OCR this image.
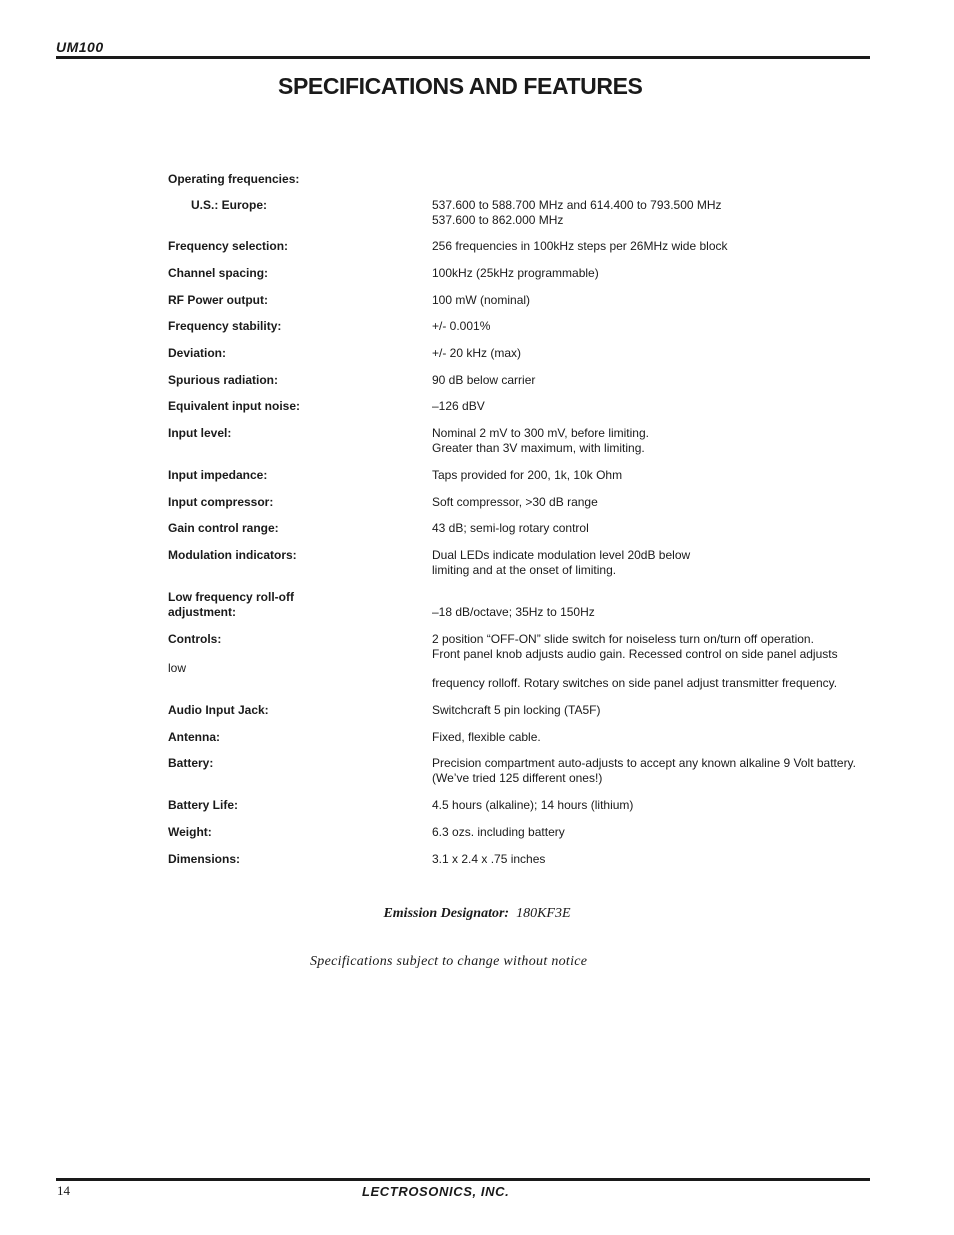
UM100
SPECIFICATIONS AND FEATURES
Operating frequencies:
U.S.: Europe:	537.600 to 588.700 MHz and 614.400 to 793.500 MHz
537.600 to 862.000 MHz
Frequency selection:	256 frequencies in 100kHz steps per 26MHz wide block
Channel spacing:	100kHz (25kHz programmable)
RF Power output:	100 mW (nominal)
Frequency stability:	+/- 0.001%
Deviation:	+/- 20 kHz (max)
Spurious radiation:	90 dB below carrier
Equivalent input noise:	–126 dBV
Input level:	Nominal 2 mV to 300 mV, before limiting.
Greater than 3V maximum, with limiting.
Input impedance:	Taps provided for 200, 1k, 10k Ohm
Input compressor:	Soft compressor, >30 dB range
Gain control range:	43 dB; semi-log rotary control
Modulation indicators:	Dual LEDs indicate modulation level 20dB below
limiting and at the onset of limiting.
Low frequency roll-off
adjustment:	
–18 dB/octave; 35Hz to 150Hz
Controls:	2 position “OFF-ON” slide switch for noiseless turn on/turn off operation.
Front panel knob adjusts audio gain. Recessed control on side panel adjusts
low
frequency rolloff. Rotary switches on side panel adjust transmitter frequency.
Audio Input Jack:	Switchcraft 5 pin locking (TA5F)
Antenna:	Fixed, flexible cable.
Battery:	Precision compartment auto-adjusts to accept any known alkaline 9 Volt battery.
(We’ve tried 125 different ones!)
Battery Life:	4.5 hours (alkaline); 14 hours (lithium)
Weight:	6.3 ozs. including battery
Dimensions:	3.1 x 2.4 x .75 inches
Emission Designator: 180KF3E
Specifications subject to change without notice
14	LECTROSONICS, INC.
